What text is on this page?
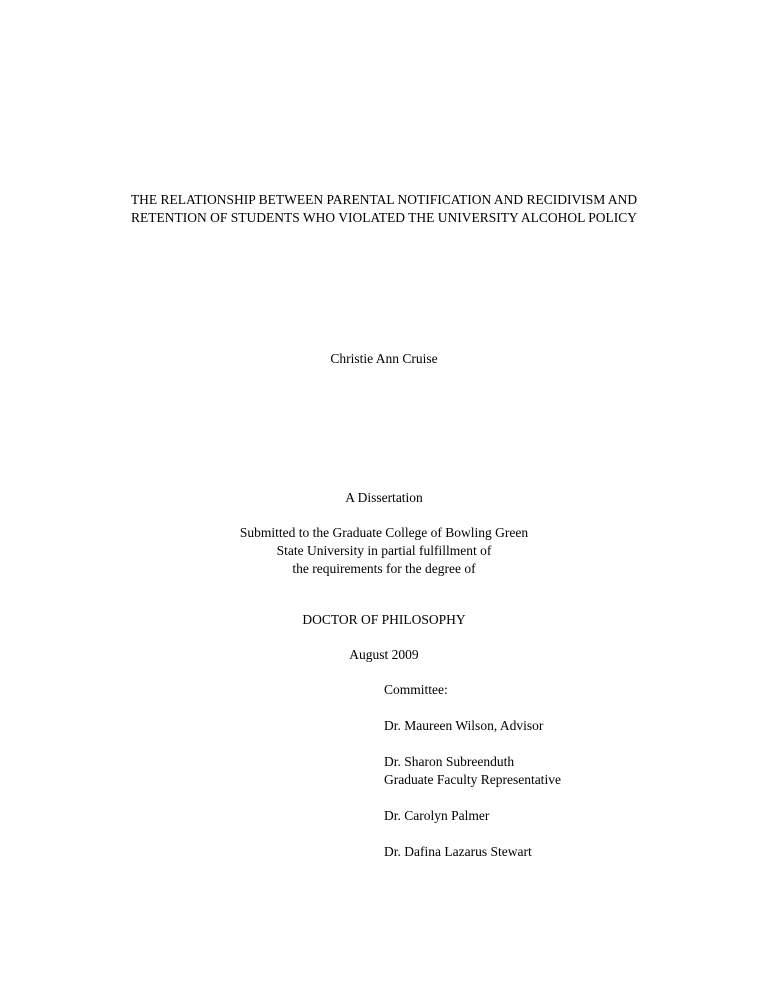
THE RELATIONSHIP BETWEEN PARENTAL NOTIFICATION AND RECIDIVISM AND
RETENTION OF STUDENTS WHO VIOLATED THE UNIVERSITY ALCOHOL POLICY
Christie Ann Cruise
A Dissertation
Submitted to the Graduate College of Bowling Green
State University in partial fulfillment of
the requirements for the degree of
DOCTOR OF PHILOSOPHY
August 2009
Committee:
Dr. Maureen Wilson, Advisor
Dr. Sharon Subreenduth
Graduate Faculty Representative
Dr. Carolyn Palmer
Dr. Dafina Lazarus Stewart
